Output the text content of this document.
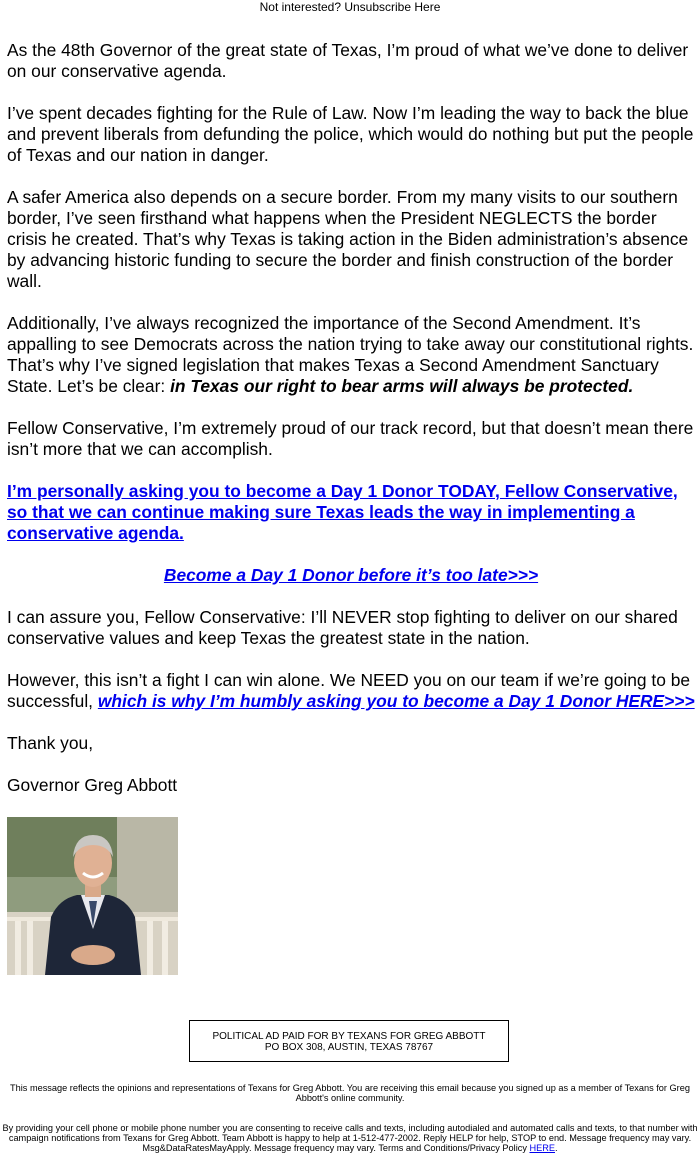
Not interested? Unsubscribe Here

As the 48th Governor of the great state of Texas, I’m proud of what we’ve done to deliver on our conservative agenda.

I’ve spent decades fighting for the Rule of Law. Now I’m leading the way to back the blue and prevent liberals from defunding the police, which would do nothing but put the people of Texas and our nation in danger.

A safer America also depends on a secure border. From my many visits to our southern border, I’ve seen firsthand what happens when the President NEGLECTS the border crisis he created. That’s why Texas is taking action in the Biden administration’s absence by advancing historic funding to secure the border and finish construction of the border wall.

Additionally, I’ve always recognized the importance of the Second Amendment. It’s appalling to see Democrats across the nation trying to take away our constitutional rights. That’s why I’ve signed legislation that makes Texas a Second Amendment Sanctuary State. Let’s be clear: in Texas our right to bear arms will always be protected.

Fellow Conservative, I’m extremely proud of our track record, but that doesn’t mean there isn’t more that we can accomplish.

I’m personally asking you to become a Day 1 Donor TODAY, Fellow Conservative, so that we can continue making sure Texas leads the way in implementing a conservative agenda.

Become a Day 1 Donor before it’s too late>>>

I can assure you, Fellow Conservative: I’ll NEVER stop fighting to deliver on our shared conservative values and keep Texas the greatest state in the nation.

However, this isn’t a fight I can win alone. We NEED you on our team if we’re going to be successful, which is why I’m humbly asking you to become a Day 1 Donor HERE>>>

Thank you,

Governor Greg Abbott

POLITICAL AD PAID FOR BY TEXANS FOR GREG ABBOTT
PO BOX 308, AUSTIN, TEXAS 78767
This message reflects the opinions and representations of Texans for Greg Abbott. You are receiving this email because you signed up as a member of Texans for Greg Abbott's online community.
By providing your cell phone or mobile phone number you are consenting to receive calls and texts, including autodialed and automated calls and texts, to that number with campaign notifications from Texans for Greg Abbott. Team Abbott is happy to help at 1-512-477-2002. Reply HELP for help, STOP to end. Message frequency may vary. Msg&DataRatesMayApply. Message frequency may vary. Terms and Conditions/Privacy Policy HERE.
